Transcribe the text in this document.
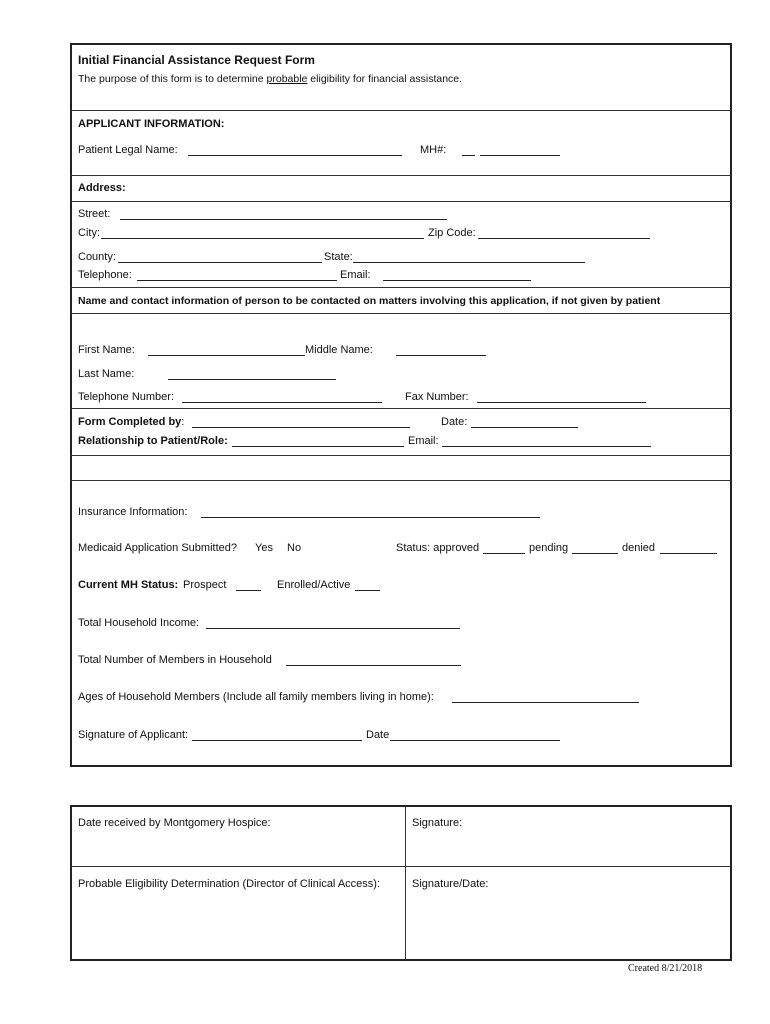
Initial Financial Assistance Request Form
The purpose of this form is to determine probable eligibility for financial assistance.
APPLICANT INFORMATION:
Patient Legal Name:	MH#:
Address:
Street:
City:	Zip Code:
County:	State:
Telephone:	Email:
Name and contact information of person to be contacted on matters involving this application, if not given by patient
First Name:	Middle Name:
Last Name:
Telephone Number:	Fax Number:
Form Completed by:	Date:
Relationship to Patient/Role:	Email:
Insurance Information:
Medicaid Application Submitted? Yes No	Status: approved	pending	denied
Current MH Status: Prospect	Enrolled/Active
Total Household Income:
Total Number of Members in Household
Ages of Household Members (Include all family members living in home):
Signature of Applicant:	Date
Date received by Montgomery Hospice:	Signature:
Probable Eligibility Determination (Director of Clinical Access):	Signature/Date:
Created 8/21/2018
